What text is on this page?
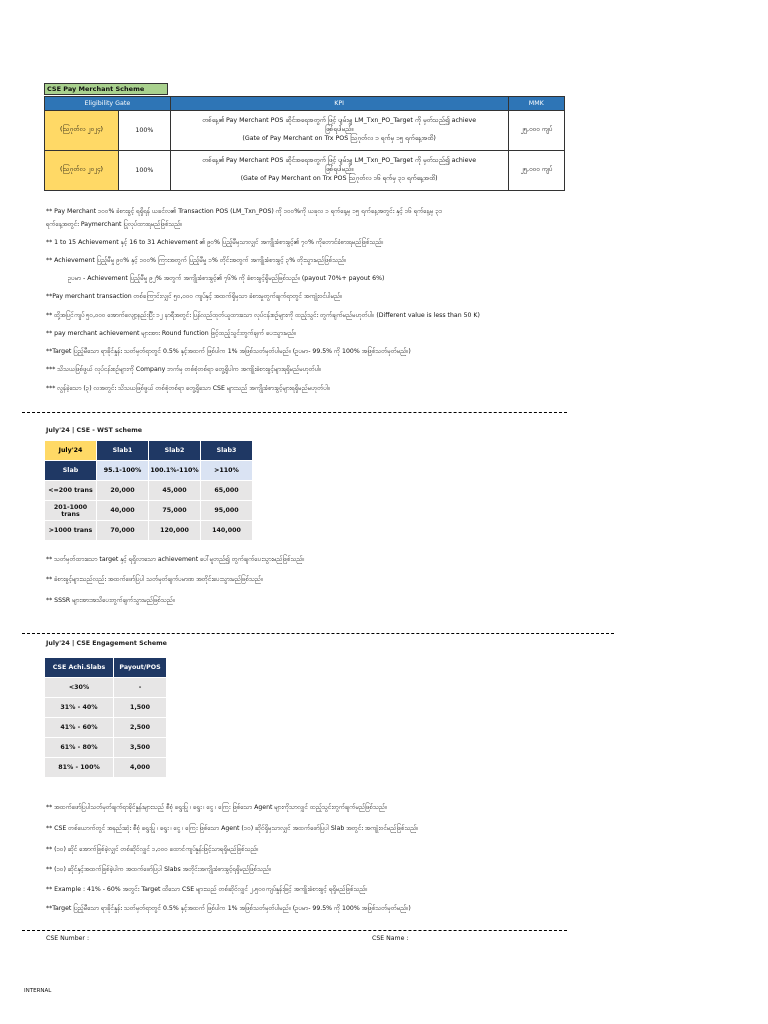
CSE Pay Merchant Scheme
Eligibility Gate		KPI	MMK
(ဩဂုတ်လ ၂၀၂၄)	100%	တစ်နေ့၏ Pay Merchant POS ဆိုင်အရေအတွက် ဖြင့် ပျမ်းမျှ LM_Txn_PO_Target ကို မှတ်သည်၍ achieve
ဖြစ်ရပါမည်။
(Gate of Pay Merchant on Trx POS ဩဂုတ်လ ၁ ရက်မှ ၁၅ ရက်နေ့အထိ)	၂၅,၀၀၀ ကျပ်
(ဩဂုတ်လ ၂၀၂၄)	100%	တစ်နေ့၏ Pay Merchant POS ဆိုင်အရေအတွက် ဖြင့် ပျမ်းမျှ LM_Txn_PO_Target ကို မှတ်သည်၍ achieve
ဖြစ်ရပါမည်။
(Gate of Pay Merchant on Trx POS ဩဂုတ်လ ၁၆ ရက်မှ ၃၁ ရက်နေ့အထိ)	၂၅,၀၀၀ ကျပ်

** Pay Merchant ၁၀၀% ခံစားခွင့် ရရှိရန် ယခင်လ၏ Transaction POS (LM_Txn_POS) ကို ၁၀၀%ကို ယခုလ ၁ ရက်နေ့မှ ၁၅ ရက်နေ့အတွင်း နှင့် ၁၆ ရက်နေ့မှ ၃၁

ရက်နေ့အတွင်း Paymerchant ပြုလုပ်ထားရမည်ဖြစ်သည်။

** 1 to 15 Achievement နှင့် 16 to 31 Achievement ၏ ၉၀% ပြည့်မီမှသာလျှင် အကျိုးခံစားခွင့်၏ ၇၀% ကိုတောင်ခံစားရမည်ဖြစ်သည်။

** Achievement ပြည့်မီမှု ၉၀% နှင့် ၁၀၀% ကြားအတွက် ပြည့်မီမှု ၁% တိုင်းအတွက် အကျိုးခံစားခွင့် ၃% တိုးသွားမည်ဖြစ်သည်။

ဥပမာ - Achievement ပြည့်မီမှု ၉၂% အတွက် အကျိုးခံစားခွင့်၏ ၇၆% ကို ခံစားခွင့်ရှိမည်ဖြစ်သည်။ (payout 70%+ payout 6%)

**Pay merchant transaction တစ်ကြောင်းလျှင် ၅၀,၀၀၀ ကျပ်နှင့် အထက်ရှိမှသာ ခံစားမှုတွက်ချက်ရာတွင် အကျုံးဝင်ပါမည်။

** ထို့အပြင်ကျပ် ၅၀,၀၀၀ အောက်လျော့နည်းပြီး ၁၂ နာရီအတွင်း ပြန်လည်ထုတ်ယူထားသော လုပ်ငန်းစဉ်များကို ထည့်သွင်း တွက်ချက်မည်မဟုတ်ပါ။ (Different value is less than 50 K)

** pay merchant achievement များအား Round function ဖြင့်ထည့်သွင်းတွက်ချက် ပေးသွားမည်။

**Target ပြည့်မီသော ရာခိုင်နှုန်း သတ်မှတ်ရာတွင် 0.5% နှင့်အထက် ဖြစ်ပါက 1% အဖြစ်သတ်မှတ်ပါမည်။ (ဥပမာ- 99.5% ကို 100% အဖြစ်သတ်မှတ်မည်။)

*** သိသယဖြစ်ဖွယ် လုပ်ငန်းစဉ်များကို Company ဘက်မှ တစ်စုံတစ်ရာ တွေ့ရှိပါက အကျိုးခံစားခွင့်များရရှိမည်မဟုတ်ပါ။

*** လွန်ခဲ့သော (၃) လအတွင်း သိသယဖြစ်ဖွယ် တစ်စုံတစ်ရာ တွေ့ရှိသော CSE များသည် အကျိုးခံစားခွင့်များရရှိမည်မဟုတ်ပါ။

July'24 | CSE - WST scheme
July'24	Slab1	Slab2	Slab3
Slab	95.1-100%	100.1%-110%	>110%
<=200 trans	20,000	45,000	65,000
201-1000 trans	40,000	75,000	95,000
>1000 trans	70,000	120,000	140,000

** သတ်မှတ်ထားသော target နှင့် ရရှိလာသော achievement ပေါ်မူတည်၍ တွက်ချက်ပေးသွားမည်ဖြစ်သည်။

** ခံစားခွင့်များသည်လည်း အထက်ဖော်ပြပါ သတ်မှတ်ချက်ပမာဏ အတိုင်းပေးသွားမည်ဖြစ်သည်။

** SSSR များအားအသိပေးတွက်ချက်သွားမည်ဖြစ်သည်။

July'24 | CSE Engagement Scheme
CSE Achi.Slabs	Payout/POS
<30%	-
31% - 40%	1,500
41% - 60%	2,500
61% - 80%	3,500
81% - 100%	4,000

** အထက်ဖော်ပြပါသတ်မှတ်ချက်ရာခိုင်နှုန်းများသည် စီစုံ ရွေးပြု ၊ ရွေး ၊ ငွေ ၊ ကြေး ဖြစ်သော Agent များကိုသာလျှင် ထည့်သွင်းတွက်ချက်မည်ဖြစ်သည်။

** CSE တစ်ယောက်တွင် အနည်းဆုံး စီစုံ ရွေးပြု ၊ ရွေး ၊ ငွေ ၊ ကြေး ဖြစ်သော Agent (၁၀) ဆိုင်ရှိမှသာလျှင် အထက်ဖော်ပြပါ Slab အတွင်း အကျုံးဝင်မည်ဖြစ်သည်။

** (၁၀) ဆိုင် အောက်ဖြစ်ခဲ့လျှင် တစ်ဆိုင်လျှင် ၁,၀၀၀ ထောင်ကျပ်နှုန်းဖြင့်သာရရှိမည်ဖြစ်သည်။

** (၁၀) ဆိုင်နှင့်အထက်ဖြစ်ခဲ့ပါက အထက်ဖော်ပြပါ Slabs အတိုင်းအကျိုးခံစားခွင့်ရရှိမည်ဖြစ်သည်။

** Example : 41% - 60% အတွင်း Target ထိသော CSE များသည် တစ်ဆိုင်လျှင် ၂,၅၀၀ကျပ်နှုန်းဖြင့် အကျိုးခံစားခွင့် ရရှိမည်ဖြစ်သည်။

**Target ပြည့်မီသော ရာခိုင်နှုန်း သတ်မှတ်ရာတွင် 0.5% နှင့်အထက် ဖြစ်ပါက 1% အဖြစ်သတ်မှတ်ပါမည်။ (ဥပမာ- 99.5% ကို 100% အဖြစ်သတ်မှတ်မည်။)

CSE Number :	CSE Name :
INTERNAL
